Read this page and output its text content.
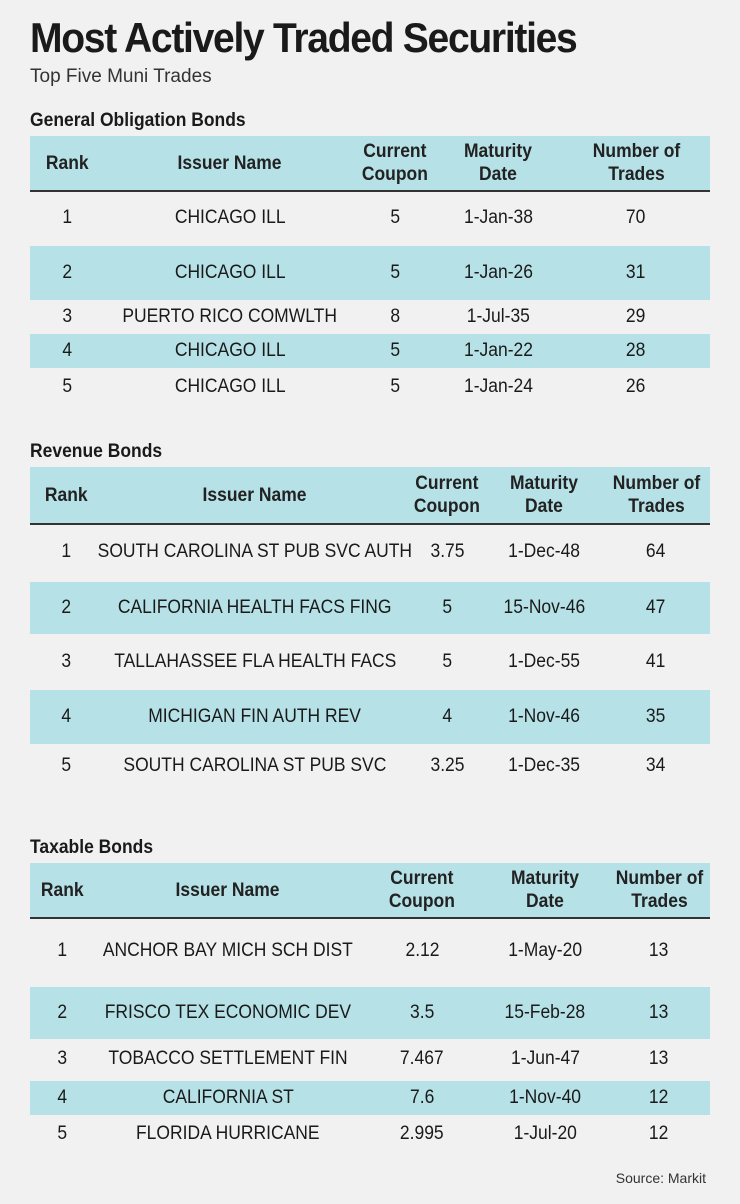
Most Actively Traded Securities
Top Five Muni Trades
General Obligation Bonds
Rank	Issuer Name
Current
Coupon
Maturity
Date
Number of
Trades
1	CHICAGO ILL	5	1-Jan-38	70
2	CHICAGO ILL	5	1-Jan-26	31
3	PUERTO RICO COMWLTH	8	1-Jul-35	29
4	CHICAGO ILL	5	1-Jan-22	28
5	CHICAGO ILL	5	1-Jan-24	26
Revenue Bonds
Rank	Issuer Name
Current
Coupon
Maturity
Date
Number of
Trades
1 SOUTH CAROLINA ST PUB SVC AUTH 3.75 1-Dec-48	64
2 CALIFORNIA HEALTH FACS FING	5	15-Nov-46	47
3 TALLAHASSEE FLA HEALTH FACS 5	1-Dec-55	41
4	MICHIGAN FIN AUTH REV	4	1-Nov-46	35
5	SOUTH CAROLINA ST PUB SVC 3.25 1-Dec-35	34
Taxable Bonds
Rank	Issuer Name
Current
Coupon
Maturity
Date
Number of
Trades
1 ANCHOR BAY MICH SCH DIST	2.12	1-May-20	13
2 FRISCO TEX ECONOMIC DEV	3.5	15-Feb-28	13
3 TOBACCO SETTLEMENT FIN	7.467	1-Jun-47	13
4	CALIFORNIA ST	7.6	1-Nov-40	12
5	FLORIDA HURRICANE	2.995	1-Jul-20	12
Source: Markit
